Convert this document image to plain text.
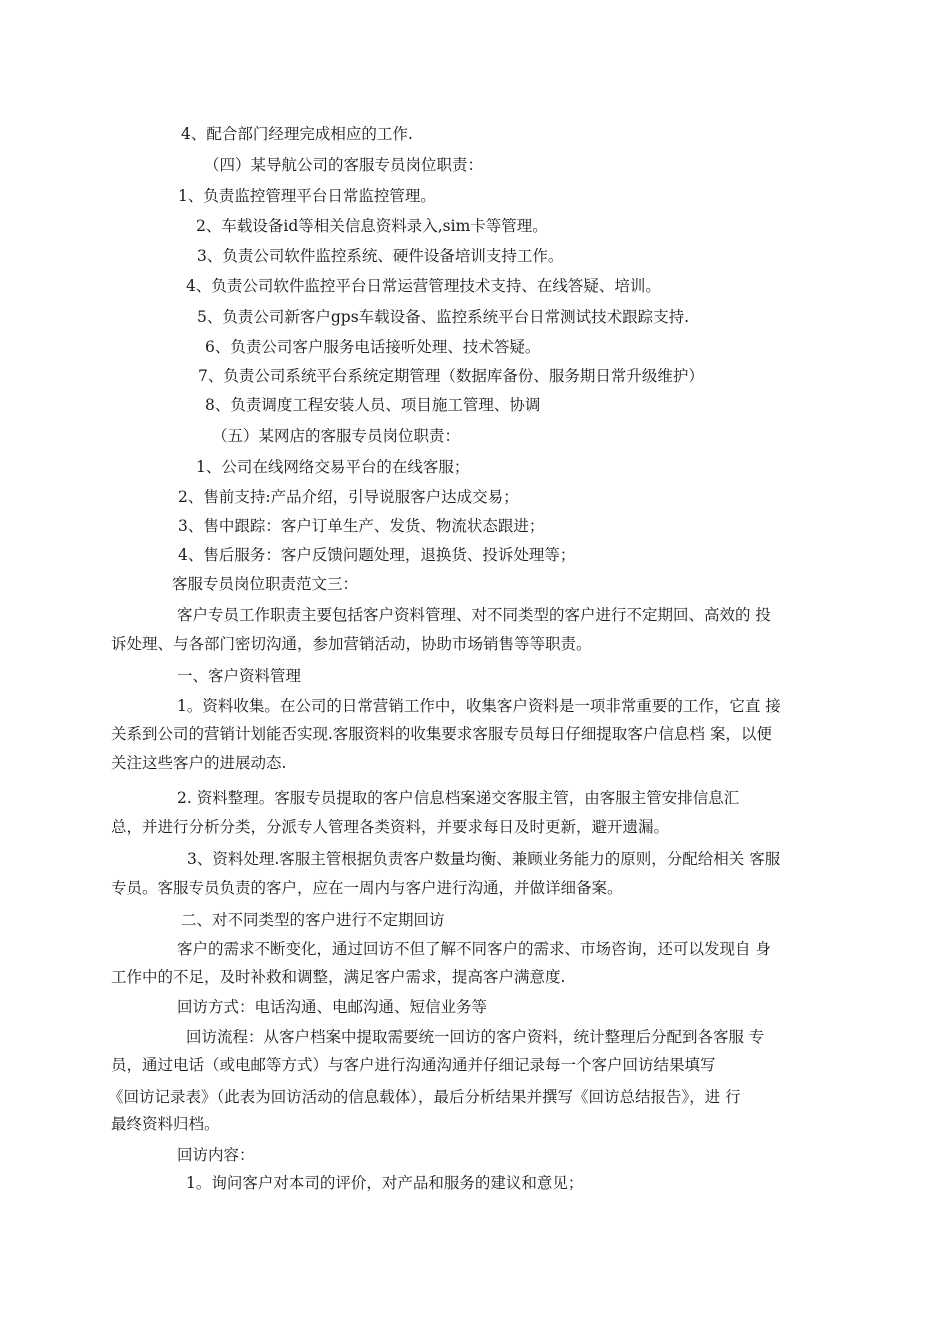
4、配合部门经理完成相应的工作.
（四）某导航公司的客服专员岗位职责：
1、负责监控管理平台日常监控管理。
2、车载设备id等相关信息资料录入,sim卡等管理。
3、负责公司软件监控系统、硬件设备培训支持工作。
4、负责公司软件监控平台日常运营管理技术支持、在线答疑、培训。
5、负责公司新客户gps车载设备、监控系统平台日常测试技术跟踪支持.
6、负责公司客户服务电话接听处理、技术答疑。
7、负责公司系统平台系统定期管理（数据库备份、服务期日常升级维护）
8、负责调度工程安装人员、项目施工管理、协调
（五）某网店的客服专员岗位职责：
1、公司在线网络交易平台的在线客服；
2、售前支持:产品介绍，引导说服客户达成交易；
3、售中跟踪：客户订单生产、发货、物流状态跟进；
4、售后服务：客户反馈问题处理，退换货、投诉处理等；
客服专员岗位职责范文三：
客户专员工作职责主要包括客户资料管理、对不同类型的客户进行不定期回、高效的 投
诉处理、与各部门密切沟通，参加营销活动，协助市场销售等等职责。
一、客户资料管理
1。资料收集。在公司的日常营销工作中，收集客户资料是一项非常重要的工作，它直 接
关系到公司的营销计划能否实现.客服资料的收集要求客服专员每日仔细提取客户信息档 案，以便
关注这些客户的进展动态.
2. 资料整理。客服专员提取的客户信息档案递交客服主管，由客服主管安排信息汇
总，并进行分析分类，分派专人管理各类资料，并要求每日及时更新，避开遗漏。
3、资料处理.客服主管根据负责客户数量均衡、兼顾业务能力的原则，分配给相关 客服
专员。客服专员负责的客户，应在一周内与客户进行沟通，并做详细备案。
二、对不同类型的客户进行不定期回访
客户的需求不断变化，通过回访不但了解不同客户的需求、市场咨询，还可以发现自 身
工作中的不足，及时补救和调整，满足客户需求，提高客户满意度.
回访方式：电话沟通、电邮沟通、短信业务等
回访流程：从客户档案中提取需要统一回访的客户资料，统计整理后分配到各客服 专
员，通过电话（或电邮等方式）与客户进行沟通沟通并仔细记录每一个客户回访结果填写
《回访记录表》（此表为回访活动的信息载体），最后分析结果并撰写《回访总结报告》，进 行
最终资料归档。
回访内容：
1。询问客户对本司的评价，对产品和服务的建议和意见；
